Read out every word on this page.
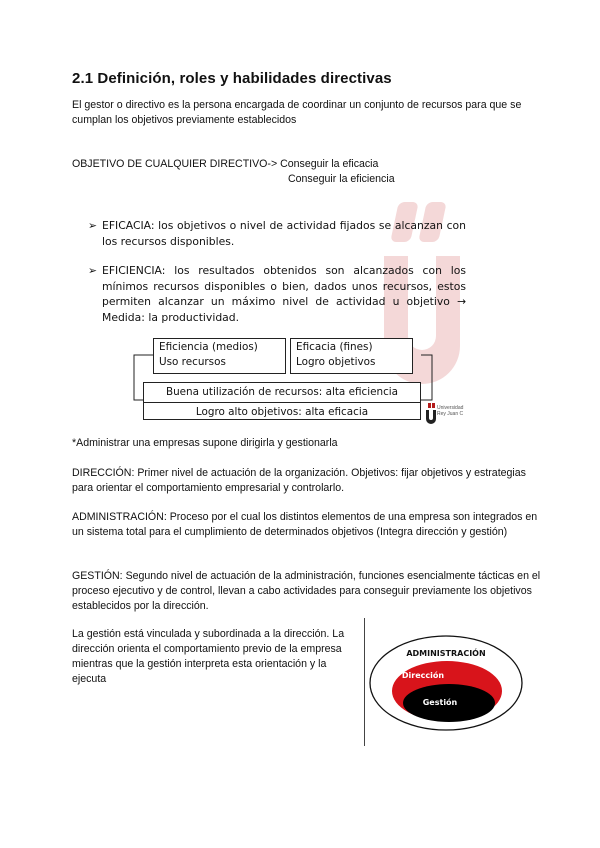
2.1 Definición, roles y habilidades directivas
El gestor o directivo es la persona encargada de coordinar un conjunto de recursos para que se cumplan los objetivos previamente establecidos
OBJETIVO DE CUALQUIER DIRECTIVO-> Conseguir la eficacia
Conseguir la eficiencia
➢ EFICACIA: los objetivos o nivel de actividad fijados se alcanzan con los recursos disponibles.
➢ EFICIENCIA: los resultados obtenidos son alcanzados con los mínimos recursos disponibles o bien, dados unos recursos, estos permiten alcanzar un máximo nivel de actividad u objetivo → Medida: la productividad.
Eficiencia (medios)
Uso recursos
Eficacia (fines)
Logro objetivos
Buena utilización de recursos: alta eficiencia
Logro alto objetivos: alta eficacia	Universidad
Rey Juan C
*Administrar una empresas supone dirigirla y gestionarla
DIRECCIÓN: Primer nivel de actuación de la organización. Objetivos: fijar objetivos y estrategias para orientar el comportamiento empresarial y controlarlo.
ADMINISTRACIÓN: Proceso por el cual los distintos elementos de una empresa son integrados en un sistema total para el cumplimiento de determinados objetivos (Integra dirección y gestión)
GESTIÓN: Segundo nivel de actuación de la administración, funciones esencialmente tácticas en el proceso ejecutivo y de control, llevan a cabo actividades para conseguir previamente los objetivos establecidos por la dirección.
La gestión está vinculada y subordinada a la dirección. La dirección orienta el comportamiento previo de la empresa mientras que la gestión interpreta esta orientación y la ejecuta
ADMINISTRACIÓN
Dirección
Gestión
